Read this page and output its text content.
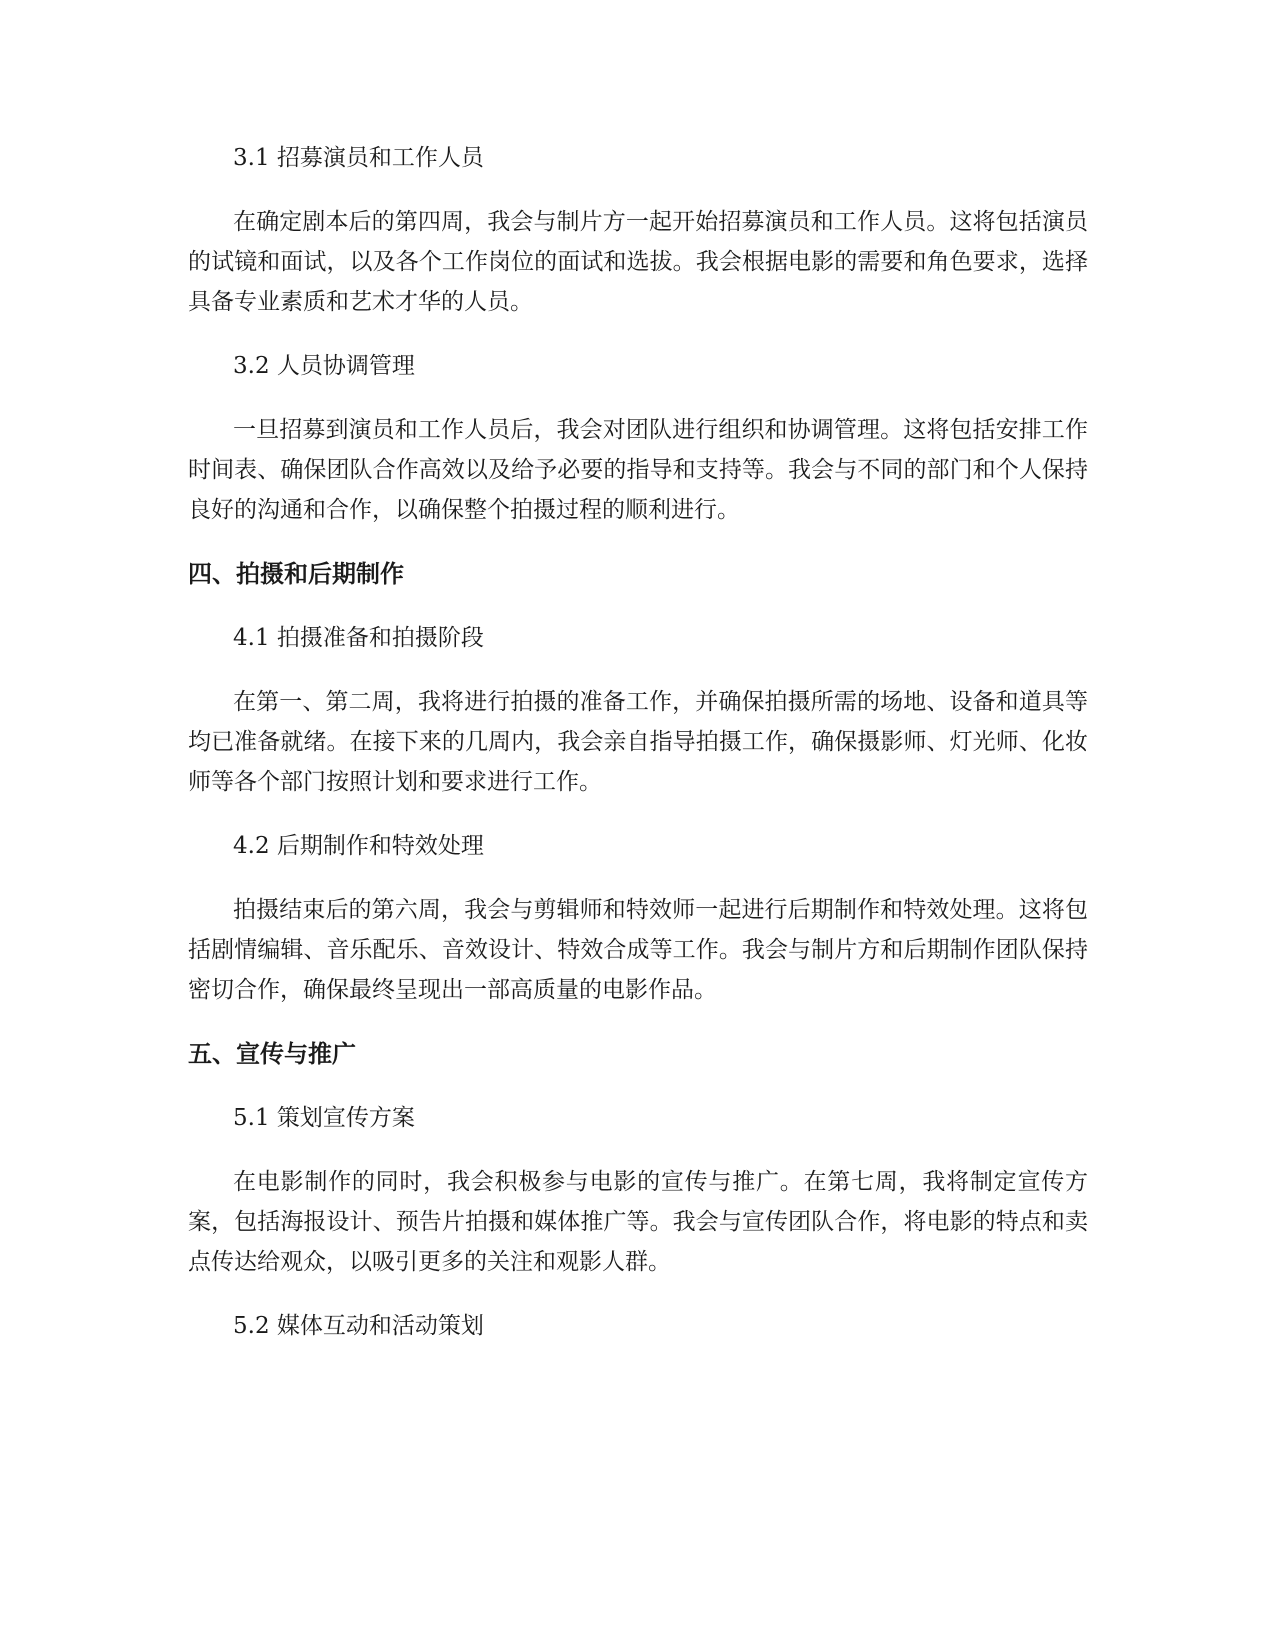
3.1 招募演员和工作人员

在确定剧本后的第四周，我会与制片方一起开始招募演员和工作人员。这将包括演员的试镜和面试，以及各个工作岗位的面试和选拔。我会根据电影的需要和角色要求，选择具备专业素质和艺术才华的人员。

3.2 人员协调管理

一旦招募到演员和工作人员后，我会对团队进行组织和协调管理。这将包括安排工作时间表、确保团队合作高效以及给予必要的指导和支持等。我会与不同的部门和个人保持良好的沟通和合作，以确保整个拍摄过程的顺利进行。

四、拍摄和后期制作

4.1 拍摄准备和拍摄阶段

在第一、第二周，我将进行拍摄的准备工作，并确保拍摄所需的场地、设备和道具等均已准备就绪。在接下来的几周内，我会亲自指导拍摄工作，确保摄影师、灯光师、化妆师等各个部门按照计划和要求进行工作。

4.2 后期制作和特效处理

拍摄结束后的第六周，我会与剪辑师和特效师一起进行后期制作和特效处理。这将包括剧情编辑、音乐配乐、音效设计、特效合成等工作。我会与制片方和后期制作团队保持密切合作，确保最终呈现出一部高质量的电影作品。

五、宣传与推广

5.1 策划宣传方案

在电影制作的同时，我会积极参与电影的宣传与推广。在第七周，我将制定宣传方案，包括海报设计、预告片拍摄和媒体推广等。我会与宣传团队合作，将电影的特点和卖点传达给观众，以吸引更多的关注和观影人群。

5.2 媒体互动和活动策划
